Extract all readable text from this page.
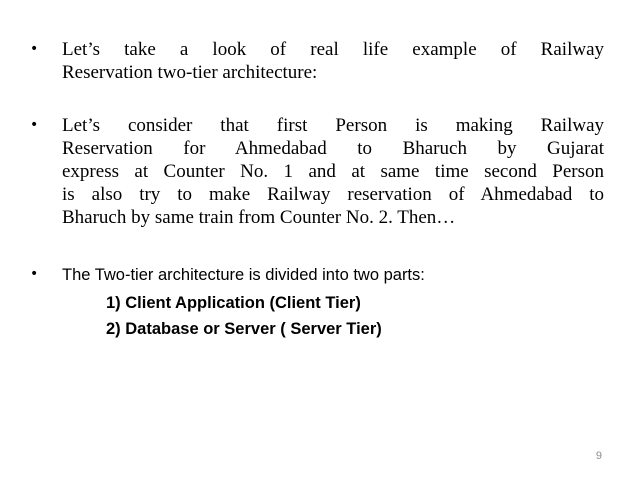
•	Let’s take a look of real life example of Railway
Reservation two-tier architecture:
•	Let’s consider that first Person is making Railway
Reservation for Ahmedabad to Bharuch by Gujarat
express at Counter No. 1 and at same time second Person
is also try to make Railway reservation of Ahmedabad to
Bharuch by same train from Counter No. 2. Then…
•	The Two-tier architecture is divided into two parts:
1) Client Application (Client Tier)
2) Database or Server ( Server Tier)
9
